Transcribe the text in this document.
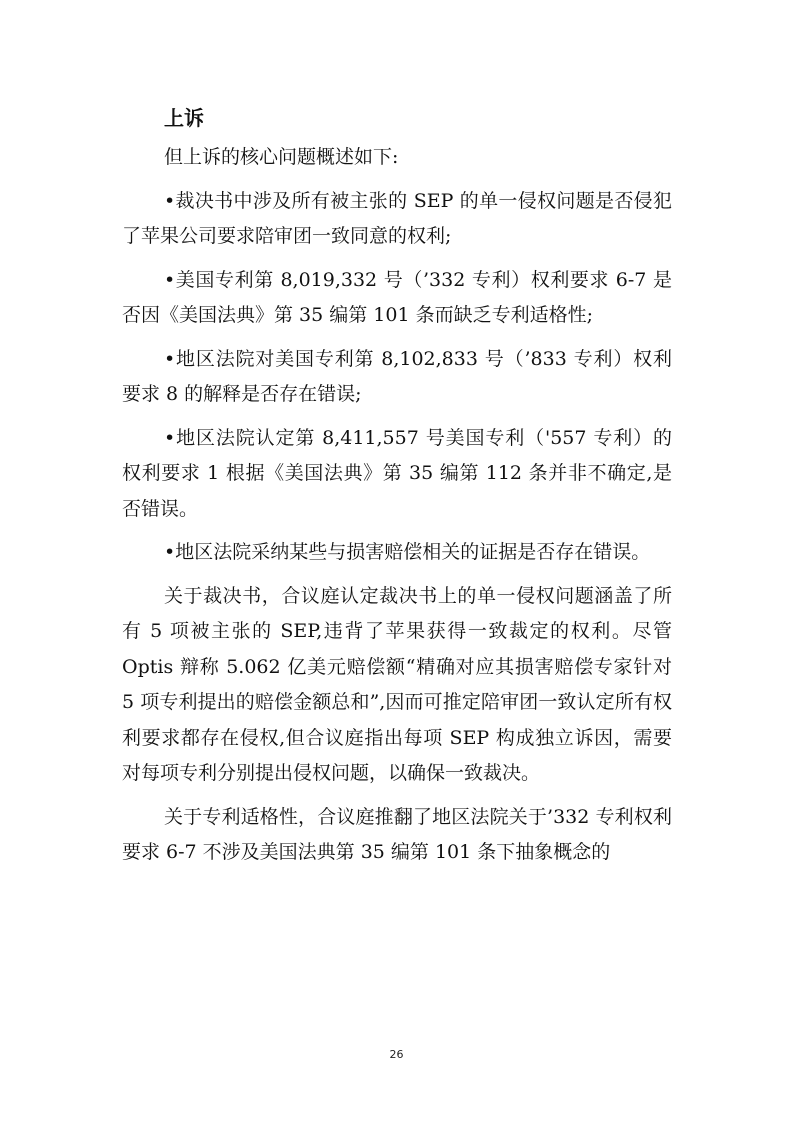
上诉

但上诉的核心问题概述如下:

•裁决书中涉及所有被主张的 SEP 的单一侵权问题是否侵犯了苹果公司要求陪审团一致同意的权利;

•美国专利第 8,019,332 号（’332 专利）权利要求 6-7 是否因《美国法典》第 35 编第 101 条而缺乏专利适格性;

•地区法院对美国专利第 8,102,833 号（’833 专利）权利要求 8 的解释是否存在错误;

•地区法院认定第 8,411,557 号美国专利（'557 专利）的权利要求 1 根据《美国法典》第 35 编第 112 条并非不确定,是否错误。

•地区法院采纳某些与损害赔偿相关的证据是否存在错误。

关于裁决书，合议庭认定裁决书上的单一侵权问题涵盖了所有 5 项被主张的 SEP,违背了苹果获得一致裁定的权利。尽管 Optis 辩称 5.062 亿美元赔偿额“精确对应其损害赔偿专家针对 5 项专利提出的赔偿金额总和”,因而可推定陪审团一致认定所有权利要求都存在侵权,但合议庭指出每项 SEP 构成独立诉因，需要对每项专利分别提出侵权问题，以确保一致裁决。

关于专利适格性，合议庭推翻了地区法院关于’332 专利权利要求 6-7 不涉及美国法典第 35 编第 101 条下抽象概念的

26
